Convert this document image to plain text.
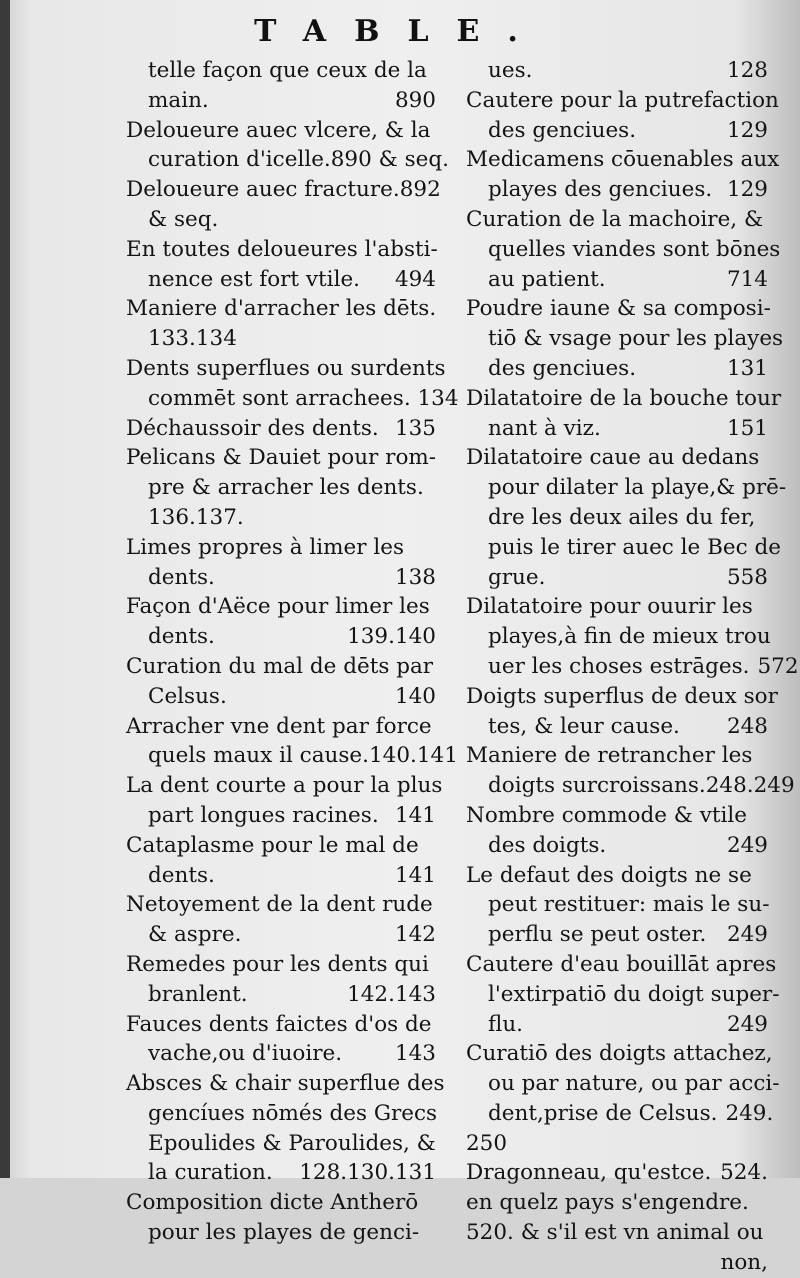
TABLE.
telle façon que ceux de la
main.	890
Deloueure auec vlcere, & la
curation d'icelle.890 & seq.
Deloueure auec fracture.892
& seq.
En toutes deloueures l'absti-
nence est fort vtile.	494
Maniere d'arracher les dēts.
133.134
Dents superflues ou surdents
commēt sont arrachees. 134
Déchaussoir des dents. 135
Pelicans & Dauiet pour rom-
pre & arracher les dents.
136.137.
Limes propres à limer les
dents.	138
Façon d'Aëce pour limer les
dents.	139.140
Curation du mal de dēts par
Celsus.	140
Arracher vne dent par force
quels maux il cause.140.141
La dent courte a pour la plus
part longues racines. 141
Cataplasme pour le mal de
dents.	141
Netoyement de la dent rude
& aspre.	142
Remedes pour les dents qui
branlent.	142.143
Fauces dents faictes d'os de
vache,ou d'iuoire.	143
Absces & chair superflue des
gencíues nōmés des Grecs
Epoulides & Paroulides, &
la curation.	128.130.131
Composition dicte Antherō
pour les playes de genci-
ues.	128
Cautere pour la putrefaction
des genciues.	129
Medicamens cōuenables aux
playes des genciues. 129
Curation de la machoire, &
quelles viandes sont bōnes
au patient.	714
Poudre iaune & sa composi-
tiō & vsage pour les playes
des genciues.	131
Dilatatoire de la bouche tour
nant à viz.	151
Dilatatoire caue au dedans
pour dilater la playe,& prē-
dre les deux ailes du fer,
puis le tirer auec le Bec de
grue.	558
Dilatatoire pour ouurir les
playes,à fin de mieux trou
uer les choses estrāges. 572
Doigts superflus de deux sor
tes, & leur cause.	248
Maniere de retrancher les
doigts surcroissans.248.249
Nombre commode & vtile
des doigts.	249
Le defaut des doigts ne se
peut restituer: mais le su-
perflu se peut oster. 249
Cautere d'eau bouillāt apres
l'extirpatiō du doigt super-
flu.	249
Curatiō des doigts attachez,
ou par nature, ou par acci-
dent,prise de Celsus. 249.
250
Dragonneau, qu'estce. 524.
en quelz pays s'engendre.
520. & s'il est vn animal ou
non,
